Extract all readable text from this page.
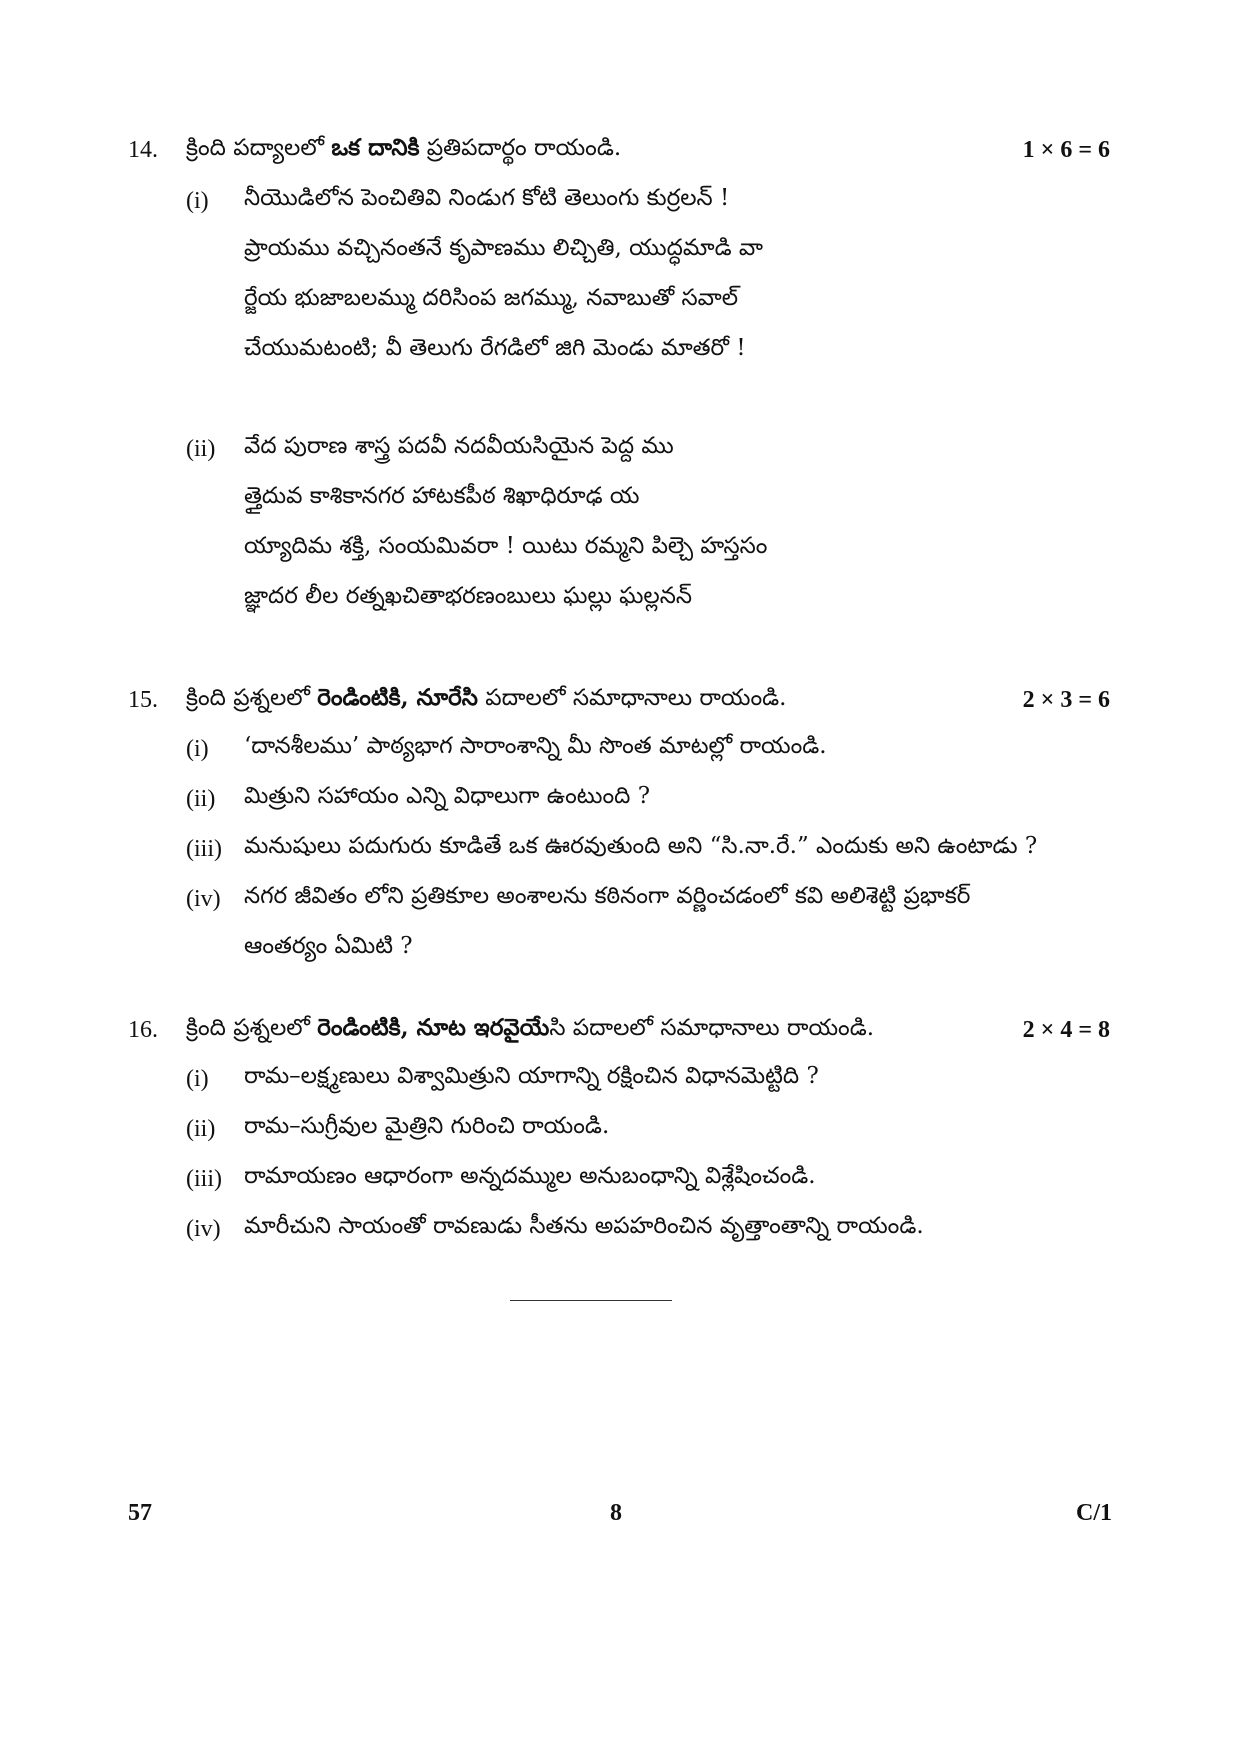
14.	క్రింది పద్యాలలో ఒక దానికి ప్రతిపదార్థం రాయండి.	1 × 6 = 6
(i)	నీయొడిలోన పెంచితివి నిండుగ కోటి తెలుంగు కుర్రలన్ !
ప్రాయము వచ్చినంతనే కృపాణము లిచ్చితి, యుద్ధమాడి వా
ర్జేయ భుజాబలమ్ము దరిసింప జగమ్ము, నవాబుతో సవాల్
చేయుమటంటి; వీ తెలుగు రేగడిలో జిగి మెండు మాతరో !
(ii)	వేద పురాణ శాస్త్ర పదవీ నదవీయసియైన పెద్ద ము
త్తైదువ కాశికానగర హాటకపీఠ శిఖాధిరూఢ య
య్యాదిమ శక్తి, సంయమివరా ! యిటు రమ్మని పిల్చె హస్తసం
జ్ఞాదర లీల రత్నఖచితాభరణంబులు ఘల్లు ఘల్లనన్
15.	క్రింది ప్రశ్నలలో రెండింటికి, నూరేసి పదాలలో సమాధానాలు రాయండి.	2 × 3 = 6
(i)	‘దానశీలము’ పాఠ్యభాగ సారాంశాన్ని మీ సొంత మాటల్లో రాయండి.
(ii)	మిత్రుని సహాయం ఎన్ని విధాలుగా ఉంటుంది ?
(iii) మనుషులు పదుగురు కూడితే ఒక ఊరవుతుంది అని “సి.నా.రే.” ఎందుకు అని ఉంటాడు ?
(iv)	నగర జీవితం లోని ప్రతికూల అంశాలను కఠినంగా వర్ణించడంలో కవి అలిశెట్టి ప్రభాకర్
ఆంతర్యం ఏమిటి ?
16.	క్రింది ప్రశ్నలలో రెండింటికి, నూట ఇరవైయేసి పదాలలో సమాధానాలు రాయండి.	2 × 4 = 8
(i)	రామ–లక్ష్మణులు విశ్వామిత్రుని యాగాన్ని రక్షించిన విధానమెట్టిది ?
(ii)	రామ–సుగ్రీవుల మైత్రిని గురించి రాయండి.
(iii) రామాయణం ఆధారంగా అన్నదమ్ముల అనుబంధాన్ని విశ్లేషించండి.
(iv)	మారీచుని సాయంతో రావణుడు సీతను అపహరించిన వృత్తాంతాన్ని రాయండి.
57	8	C/1
